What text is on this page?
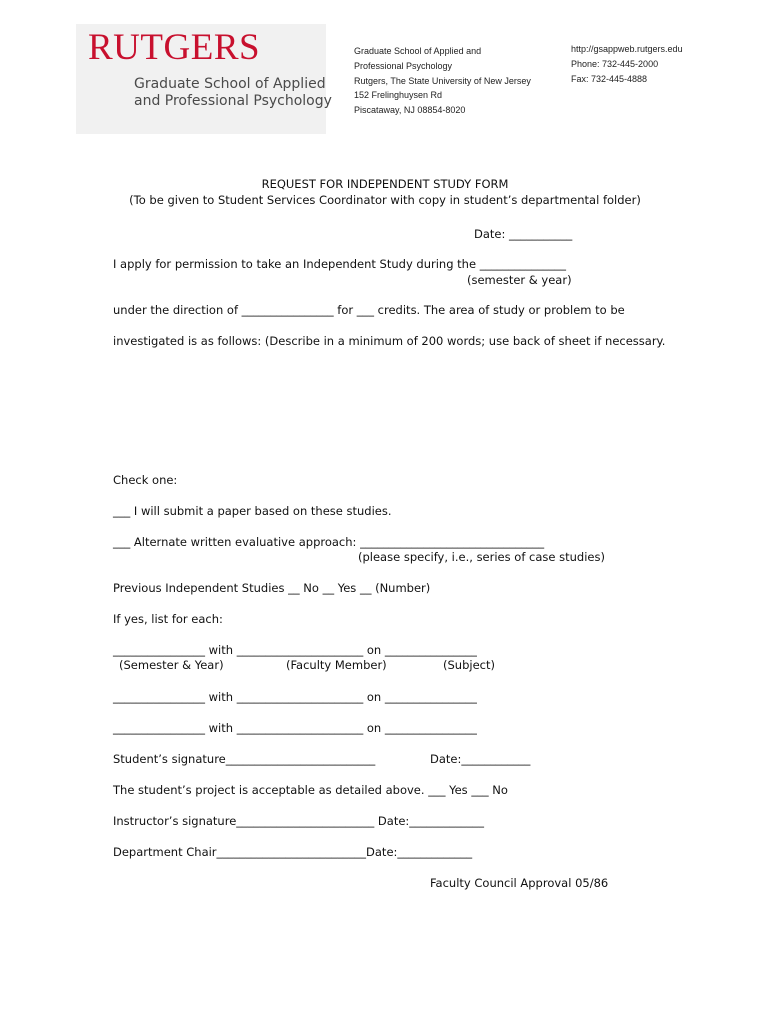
RUTGERS
Graduate School of Applied
and Professional Psychology
Graduate School of Applied and
Professional Psychology
Rutgers, The State University of New Jersey
152 Frelinghuysen Rd
Piscataway, NJ 08854-8020
http://gsappweb.rutgers.edu
Phone: 732-445-2000
Fax: 732-445-4888
REQUEST FOR INDEPENDENT STUDY FORM
(To be given to Student Services Coordinator with copy in student’s departmental folder)
Date: ___________
I apply for permission to take an Independent Study during the _______________
(semester & year)
under the direction of ________________ for ___ credits. The area of study or problem to be
investigated is as follows: (Describe in a minimum of 200 words; use back of sheet if necessary.
Check one:
___ I will submit a paper based on these studies.
___ Alternate written evaluative approach: ________________________________
(please specify, i.e., series of case studies)
Previous Independent Studies __ No __ Yes __ (Number)
If yes, list for each:
________________ with ______________________ on ________________
(Semester & Year)	(Faculty Member)	(Subject)
________________ with ______________________ on ________________
________________ with ______________________ on ________________
Student’s signature__________________________	Date:____________
The student’s project is acceptable as detailed above. ___ Yes ___ No
Instructor’s signature________________________ Date:_____________
Department Chair__________________________Date:_____________
Faculty Council Approval 05/86
